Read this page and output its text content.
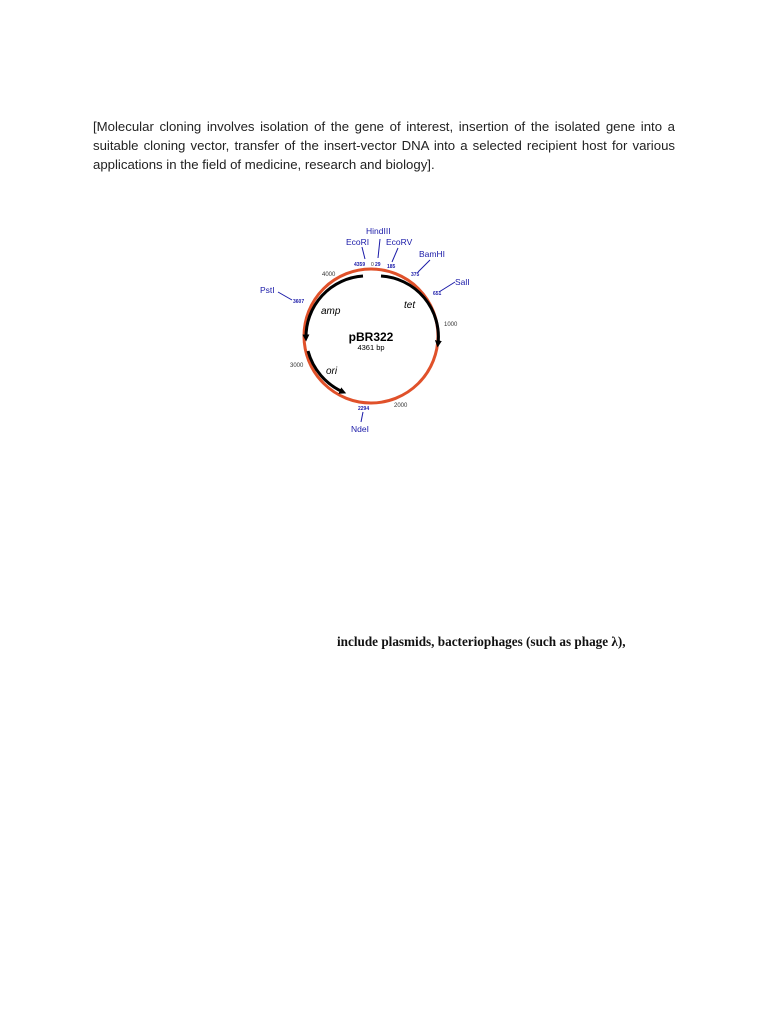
[Molecular cloning involves isolation of the gene of interest, insertion of the isolated gene into a suitable cloning vector, transfer of the insert-vector DNA into a selected recipient host for various applications in the field of medicine, research and biology].

pBR322
4361 bp
amp
tet
ori
4000
1000
3000
2000
HindIII
EcoRI EcoRV
BamHI
SalI
PstI
NdeI
4359 0 29 185
375
651
3607
2294

include plasmids, bacteriophages (such as phage λ),
